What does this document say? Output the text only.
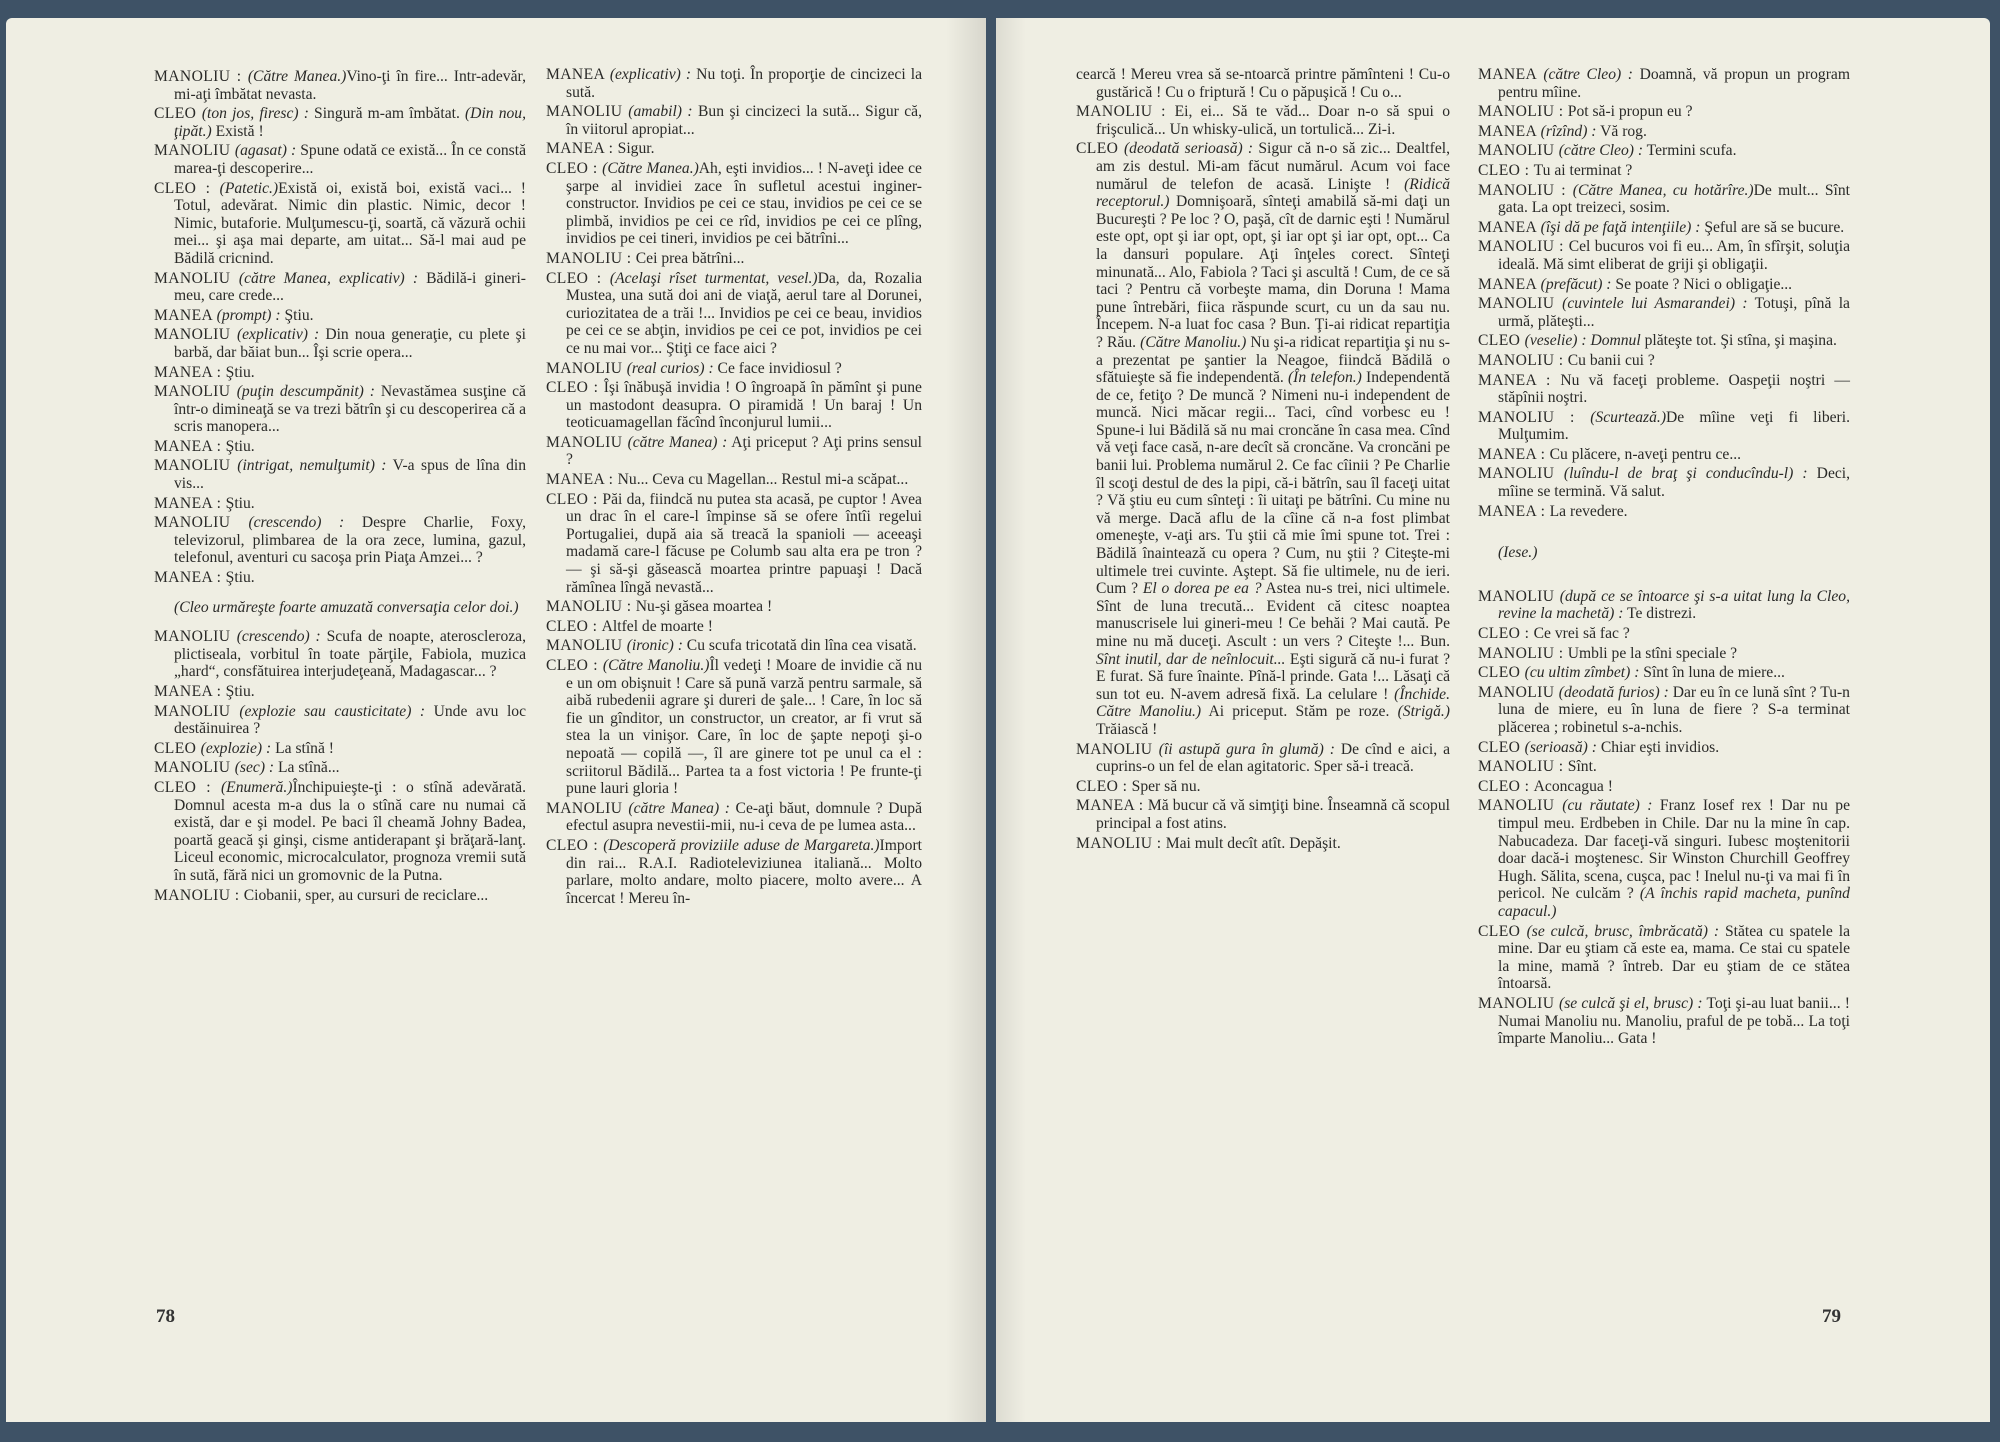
MANOLIU : (Către Manea.)Vino-ţi în fire... Intr-adevăr, mi-aţi îmbătat nevasta.

CLEO (ton jos, firesc) : Singură m-am îmbătat. (Din nou, ţipăt.) Există !

MANOLIU (agasat) : Spune odată ce există... În ce constă marea-ţi descoperire...

CLEO : (Patetic.)Există oi, există boi, există vaci... ! Totul, adevărat. Nimic din plastic. Nimic, decor ! Nimic, butaforie. Mulţumescu-ţi, soartă, că văzură ochii mei... şi aşa mai departe, am uitat... Să-l mai aud pe Bădilă cricnind.

MANOLIU (către Manea, explicativ) : Bădilă-i gineri-meu, care crede...

MANEA (prompt) : Ştiu.

MANOLIU (explicativ) : Din noua generaţie, cu plete şi barbă, dar băiat bun... Îşi scrie opera...

MANEA : Ştiu.

MANOLIU (puţin descumpănit) : Nevastămea susţine că într-o dimineaţă se va trezi bătrîn şi cu descoperirea că a scris manopera...

MANEA : Ştiu.

MANOLIU (intrigat, nemulţumit) : V-a spus de lîna din vis...

MANEA : Ştiu.

MANOLIU (crescendo) : Despre Charlie, Foxy, televizorul, plimbarea de la ora zece, lumina, gazul, telefonul, aventuri cu sacoşa prin Piaţa Amzei... ?

MANEA : Ştiu.

(Cleo urmăreşte foarte amuzată conversaţia celor doi.)

MANOLIU (crescendo) : Scufa de noapte, ateroscleroza, plictiseala, vorbitul în toate părţile, Fabiola, muzica „hard“, consfătuirea interjudeţeană, Madagascar... ?

MANEA : Ştiu.

MANOLIU (explozie sau causticitate) : Unde avu loc destăinuirea ?

CLEO (explozie) : La stînă !

MANOLIU (sec) : La stînă...

CLEO : (Enumeră.)Închipuieşte-ţi : o stînă adevărată. Domnul acesta m-a dus la o stînă care nu numai că există, dar e şi model. Pe baci îl cheamă Johny Badea, poartă geacă şi ginşi, cisme antiderapant şi brăţară-lanţ. Liceul economic, microcalculator, prognoza vremii sută în sută, fără nici un gromovnic de la Putna.

MANOLIU : Ciobanii, sper, au cursuri de reciclare...

MANEA (explicativ) : Nu toţi. În proporţie de cincizeci la sută.

MANOLIU (amabil) : Bun şi cincizeci la sută... Sigur că, în viitorul apropiat...

MANEA : Sigur.

CLEO : (Către Manea.)Ah, eşti invidios... ! N-aveţi idee ce şarpe al invidiei zace în sufletul acestui inginer-constructor. Invidios pe cei ce stau, invidios pe cei ce se plimbă, invidios pe cei ce rîd, invidios pe cei ce plîng, invidios pe cei tineri, invidios pe cei bătrîni...

MANOLIU : Cei prea bătrîni...

CLEO : (Acelaşi rîset turmentat, vesel.)Da, da, Rozalia Mustea, una sută doi ani de viaţă, aerul tare al Dorunei, curiozitatea de a trăi !... Invidios pe cei ce beau, invidios pe cei ce se abţin, invidios pe cei ce pot, invidios pe cei ce nu mai vor... Ştiţi ce face aici ?

MANOLIU (real curios) : Ce face invidiosul ?

CLEO : Îşi înăbuşă invidia ! O îngroapă în pămînt şi pune un mastodont deasupra. O piramidă ! Un baraj ! Un teoticuamagellan făcînd înconjurul lumii...

MANOLIU (către Manea) : Aţi priceput ? Aţi prins sensul ?

MANEA : Nu... Ceva cu Magellan... Restul mi-a scăpat...

CLEO : Păi da, fiindcă nu putea sta acasă, pe cuptor ! Avea un drac în el care-l împinse să se ofere întîi regelui Portugaliei, după aia să treacă la spanioli — aceeaşi madamă care-l făcuse pe Columb sau alta era pe tron ? — şi să-şi găsească moartea printre papuaşi ! Dacă rămînea lîngă nevastă...

MANOLIU : Nu-şi găsea moartea !

CLEO : Altfel de moarte !

MANOLIU (ironic) : Cu scufa tricotată din lîna cea visată.

CLEO : (Către Manoliu.)Îl vedeţi ! Moare de invidie că nu e un om obişnuit ! Care să pună varză pentru sarmale, să aibă rubedenii agrare şi dureri de şale... ! Care, în loc să fie un gînditor, un constructor, un creator, ar fi vrut să stea la un vinişor. Care, în loc de şapte nepoţi şi-o nepoată — copilă —, îl are ginere tot pe unul ca el : scriitorul Bădilă... Partea ta a fost victoria ! Pe frunte-ţi pune lauri gloria !

MANOLIU (către Manea) : Ce-aţi băut, domnule ? După efectul asupra nevestii-mii, nu-i ceva de pe lumea asta...

CLEO : (Descoperă proviziile aduse de Margareta.)Import din rai... R.A.I. Radioteleviziunea italiană... Molto parlare, molto andare, molto piacere, molto avere... A încercat ! Mereu în-

78

cearcă ! Mereu vrea să se-ntoarcă printre pămînteni ! Cu-o gustărică ! Cu o friptură ! Cu o păpuşică ! Cu o...

MANOLIU : Ei, ei... Să te văd... Doar n-o să spui o frişculică... Un whisky-ulică, un tortulică... Zi-i.

CLEO (deodată serioasă) : Sigur că n-o să zic... Dealtfel, am zis destul. Mi-am făcut numărul. Acum voi face numărul de telefon de acasă. Linişte ! (Ridică receptorul.) Domnişoară, sînteţi amabilă să-mi daţi un Bucureşti ? Pe loc ? O, paşă, cît de darnic eşti ! Numărul este opt, opt şi iar opt, opt, şi iar opt şi iar opt, opt... Ca la dansuri populare. Aţi înţeles corect. Sînteţi minunată... Alo, Fabiola ? Taci şi ascultă ! Cum, de ce să taci ? Pentru că vorbeşte mama, din Doruna ! Mama pune întrebări, fiica răspunde scurt, cu un da sau nu. Începem. N-a luat foc casa ? Bun. Ţi-ai ridicat repartiţia ? Rău. (Către Manoliu.) Nu şi-a ridicat repartiţia şi nu s-a prezentat pe şantier la Neagoe, fiindcă Bădilă o sfătuieşte să fie independentă. (În telefon.) Independentă de ce, fetiţo ? De muncă ? Nimeni nu-i independent de muncă. Nici măcar regii... Taci, cînd vorbesc eu ! Spune-i lui Bădilă să nu mai croncăne în casa mea. Cînd vă veţi face casă, n-are decît să croncăne. Va croncăni pe banii lui. Problema numărul 2. Ce fac cîinii ? Pe Charlie îl scoţi destul de des la pipi, că-i bătrîn, sau îl faceţi uitat ? Vă ştiu eu cum sînteţi : îi uitaţi pe bătrîni. Cu mine nu vă merge. Dacă aflu de la cîine că n-a fost plimbat omeneşte, v-aţi ars. Tu ştii că mie îmi spune tot. Trei : Bădilă înaintează cu opera ? Cum, nu ştii ? Citeşte-mi ultimele trei cuvinte. Aştept. Să fie ultimele, nu de ieri. Cum ? El o dorea pe ea ? Astea nu-s trei, nici ultimele. Sînt de luna trecută... Evident că citesc noaptea manuscrisele lui gineri-meu ! Ce behăi ? Mai caută. Pe mine nu mă duceţi. Ascult : un vers ? Citeşte !... Bun. Sînt inutil, dar de neînlocuit... Eşti sigură că nu-i furat ? E furat. Să fure înainte. Pînă-l prinde. Gata !... Lăsaţi că sun tot eu. N-avem adresă fixă. La celulare ! (Închide. Către Manoliu.) Ai priceput. Stăm pe roze. (Strigă.) Trăiască !

MANOLIU (îi astupă gura în glumă) : De cînd e aici, a cuprins-o un fel de elan agitatoric. Sper să-i treacă.

CLEO : Sper să nu.

MANEA : Mă bucur că vă simţiţi bine. Înseamnă că scopul principal a fost atins.

MANOLIU : Mai mult decît atît. Depăşit.

MANEA (către Cleo) : Doamnă, vă propun un program pentru mîine.

MANOLIU : Pot să-i propun eu ?

MANEA (rîzînd) : Vă rog.

MANOLIU (către Cleo) : Termini scufa.

CLEO : Tu ai terminat ?

MANOLIU : (Către Manea, cu hotărîre.)De mult... Sînt gata. La opt treizeci, sosim.

MANEA (îşi dă pe faţă intenţiile) : Şeful are să se bucure.

MANOLIU : Cel bucuros voi fi eu... Am, în sfîrşit, soluţia ideală. Mă simt eliberat de griji şi obligaţii.

MANEA (prefăcut) : Se poate ? Nici o obligaţie...

MANOLIU (cuvintele lui Asmarandei) : Totuşi, pînă la urmă, plăteşti...

CLEO (veselie) : Domnul plăteşte tot. Şi stîna, şi maşina.

MANOLIU : Cu banii cui ?

MANEA : Nu vă faceţi probleme. Oaspeţii noştri — stăpînii noştri.

MANOLIU : (Scurtează.)De mîine veţi fi liberi. Mulţumim.

MANEA : Cu plăcere, n-aveţi pentru ce...

MANOLIU (luîndu-l de braţ şi conducîndu-l) : Deci, mîine se termină. Vă salut.

MANEA : La revedere.

(Iese.)

MANOLIU (după ce se întoarce şi s-a uitat lung la Cleo, revine la machetă) : Te distrezi.

CLEO : Ce vrei să fac ?

MANOLIU : Umbli pe la stîni speciale ?

CLEO (cu ultim zîmbet) : Sînt în luna de miere...

MANOLIU (deodată furios) : Dar eu în ce lună sînt ? Tu-n luna de miere, eu în luna de fiere ? S-a terminat plăcerea ; robinetul s-a-nchis.

CLEO (serioasă) : Chiar eşti invidios.

MANOLIU : Sînt.

CLEO : Aconcagua !

MANOLIU (cu răutate) : Franz Iosef rex ! Dar nu pe timpul meu. Erdbeben in Chile. Dar nu la mine în cap. Nabucadeza. Dar faceţi-vă singuri. Iubesc moştenitorii doar dacă-i moştenesc. Sir Winston Churchill Geoffrey Hugh. Sălita, scena, cuşca, pac ! Inelul nu-ţi va mai fi în pericol. Ne culcăm ? (A închis rapid macheta, punînd capacul.)

CLEO (se culcă, brusc, îmbrăcată) : Stătea cu spatele la mine. Dar eu ştiam că este ea, mama. Ce stai cu spatele la mine, mamă ? întreb. Dar eu ştiam de ce stătea întoarsă.

MANOLIU (se culcă şi el, brusc) : Toţi şi-au luat banii... ! Numai Manoliu nu. Manoliu, praful de pe tobă... La toţi împarte Manoliu... Gata !

79
